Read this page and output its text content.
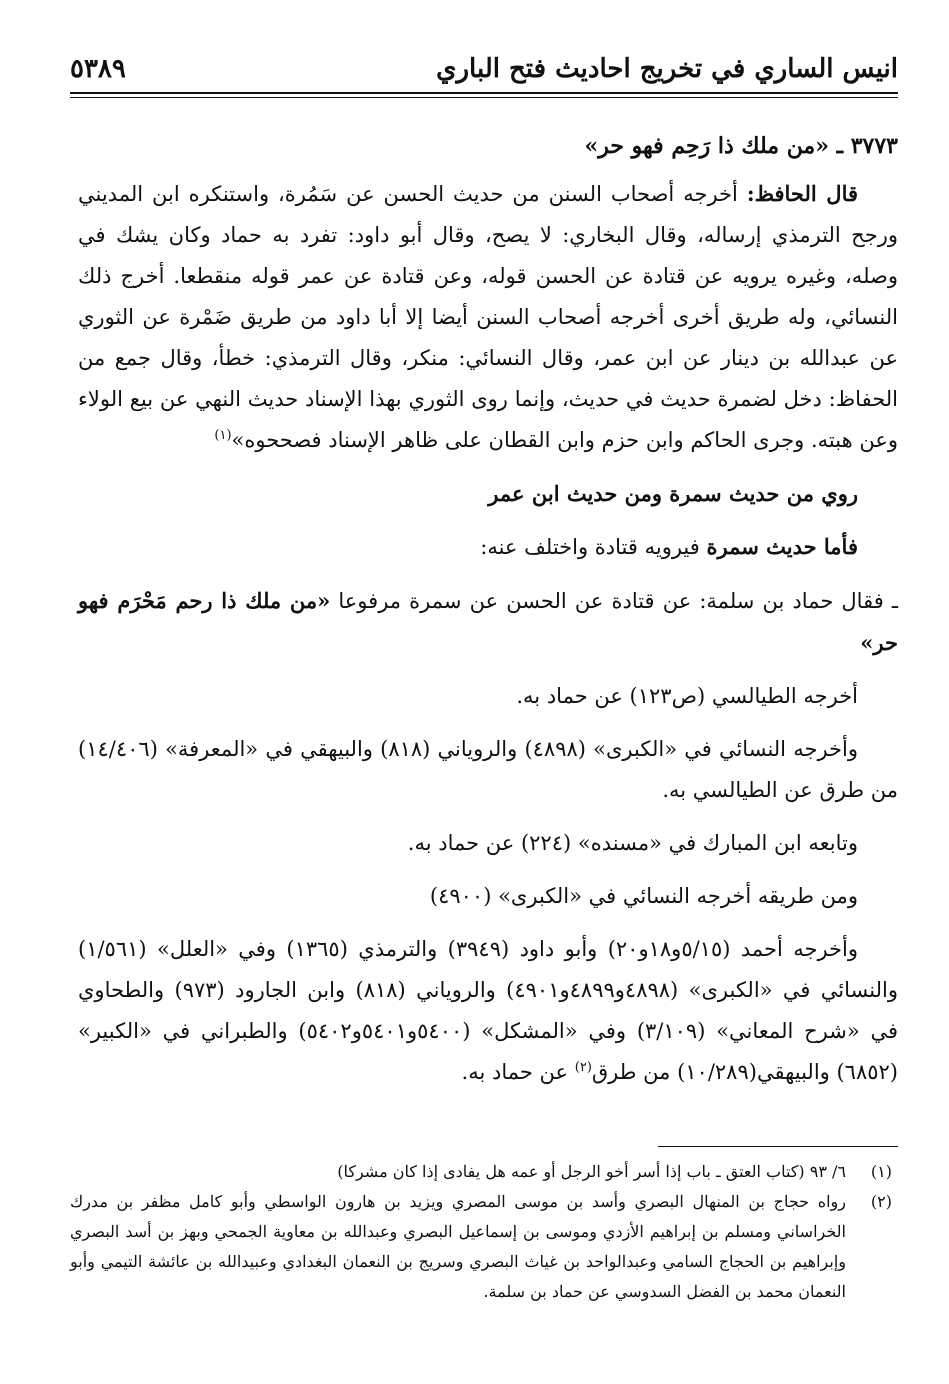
انيس الساري في تخريج احاديث فتح الباري
٥٣٨٩

٣٧٧٣ ـ «من ملك ذا رَحِم فهو حر»

قال الحافظ: أخرجه أصحاب السنن من حديث الحسن عن سَمُرة، واستنكره ابن المديني ورجح الترمذي إرساله، وقال البخاري: لا يصح، وقال أبو داود: تفرد به حماد وكان يشك في وصله، وغيره يرويه عن قتادة عن الحسن قوله، وعن قتادة عن عمر قوله منقطعا. أخرج ذلك النسائي، وله طريق أخرى أخرجه أصحاب السنن أيضا إلا أبا داود من طريق ضَمْرة عن الثوري عن عبدالله بن دينار عن ابن عمر، وقال النسائي: منكر، وقال الترمذي: خطأ، وقال جمع من الحفاظ: دخل لضمرة حديث في حديث، وإنما روى الثوري بهذا الإسناد حديث النهي عن بيع الولاء وعن هبته. وجرى الحاكم وابن حزم وابن القطان على ظاهر الإسناد فصححوه»$^{(١)}$

روي من حديث سمرة ومن حديث ابن عمر

فأما حديث سمرة فيرويه قتادة واختلف عنه:

ـ فقال حماد بن سلمة: عن قتادة عن الحسن عن سمرة مرفوعا «من ملك ذا رحم مَحْرَم فهو حر»

أخرجه الطيالسي (ص١٢٣) عن حماد به.

وأخرجه النسائي في «الكبرى» (٤٨٩٨) والروياني (٨١٨) والبيهقي في «المعرفة» (١٤/٤٠٦) من طرق عن الطيالسي به.

وتابعه ابن المبارك في «مسنده» (٢٢٤) عن حماد به.

ومن طريقه أخرجه النسائي في «الكبرى» (٤٩٠٠)

وأخرجه أحمد (٥/١٥و١٨و٢٠) وأبو داود (٣٩٤٩) والترمذي (١٣٦٥) وفي «العلل» (١/٥٦١) والنسائي في «الكبرى» (٤٨٩٨و٤٨٩٩و٤٩٠١) والروياني (٨١٨) وابن الجارود (٩٧٣) والطحاوي في «شرح المعاني» (٣/١٠٩) وفي «المشكل» (٥٤٠٠و٥٤٠١و٥٤٠٢) والطبراني في «الكبير» (٦٨٥٢) والبيهقي(١٠/٢٨٩) من طرق$^{(٢)}$ عن حماد به.

(١)
٦/ ٩٣ (كتاب العتق ـ باب إذا أسر أخو الرجل أو عمه هل يفادى إذا كان مشركا)
(٢)
رواه حجاج بن المنهال البصري وأسد بن موسى المصري ويزيد بن هارون الواسطي وأبو كامل مظفر بن مدرك الخراساني ومسلم بن إبراهيم الأزدي وموسى بن إسماعيل البصري وعبدالله بن معاوية الجمحي وبهز بن أسد البصري وإبراهيم بن الحجاج السامي وعبدالواحد بن غياث البصري وسريج بن النعمان البغدادي وعبيدالله بن عائشة التيمي وأبو النعمان محمد بن الفضل السدوسي عن حماد بن سلمة.
